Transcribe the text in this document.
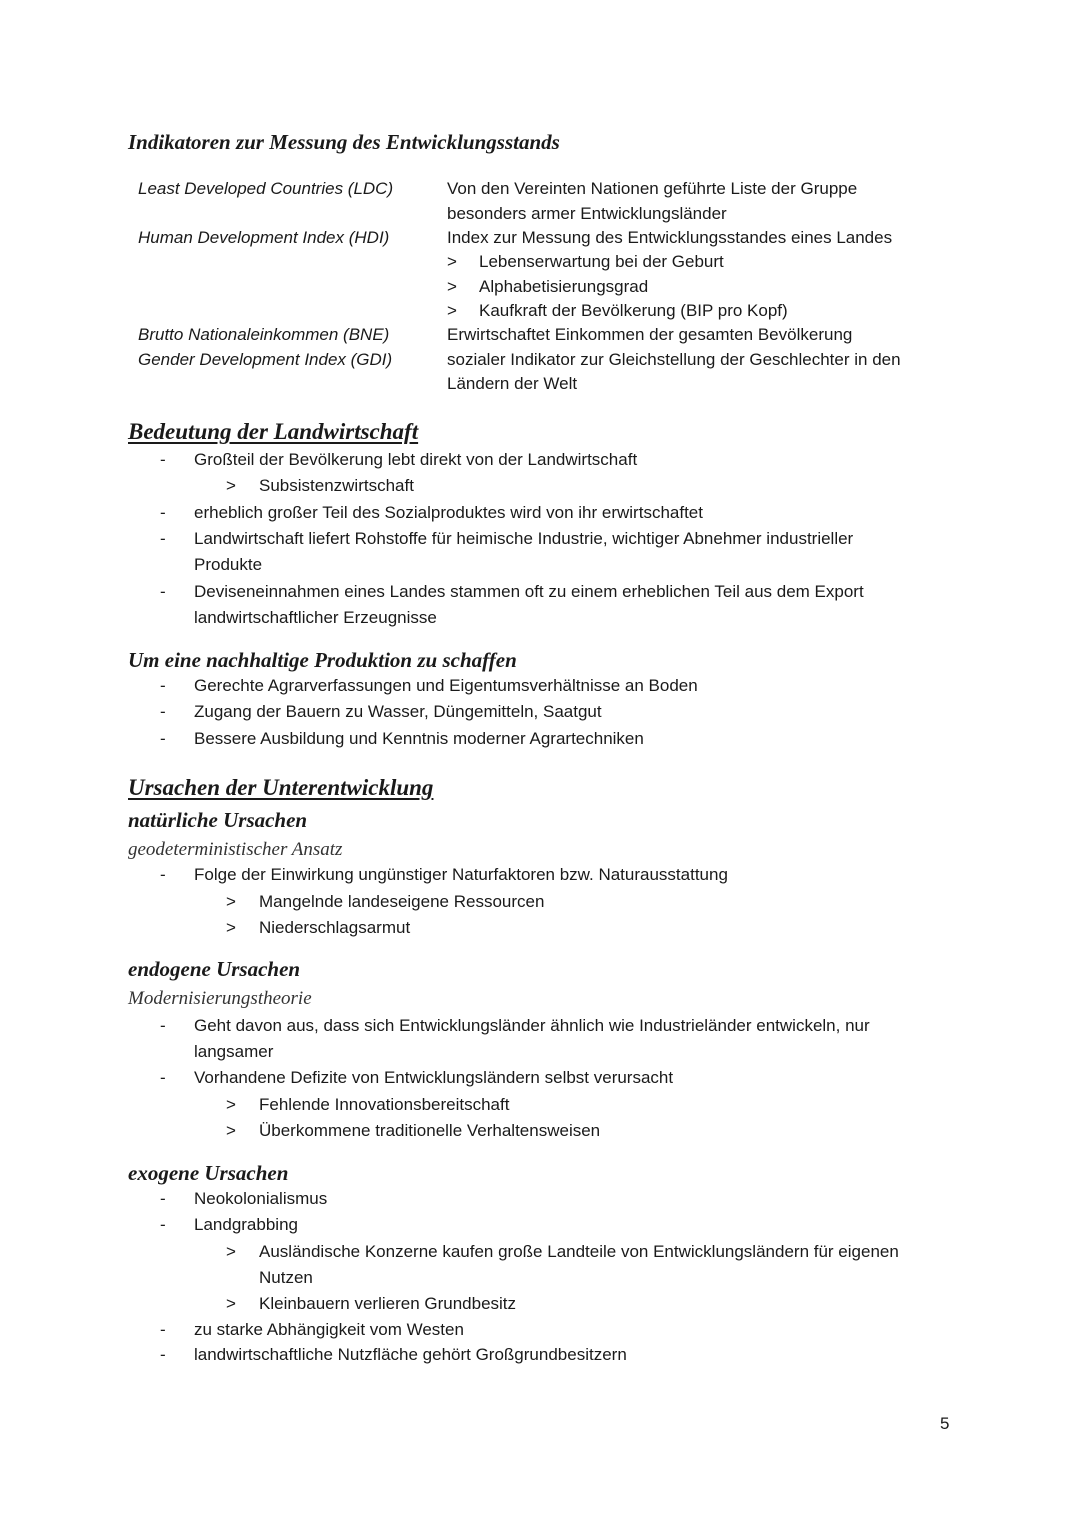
Indikatoren zur Messung des Entwicklungsstands
Least Developed Countries (LDC)	Von den Vereinten Nationen geführte Liste der Gruppe
besonders armer Entwicklungsländer
Human Development Index (HDI)	Index zur Messung des Entwicklungsstandes eines Landes
> Lebenserwartung bei der Geburt
> Alphabetisierungsgrad
> Kaufkraft der Bevölkerung (BIP pro Kopf)
Brutto Nationaleinkommen (BNE)	Erwirtschaftet Einkommen der gesamten Bevölkerung
Gender Development Index (GDI)	sozialer Indikator zur Gleichstellung der Geschlechter in den
Ländern der Welt
Bedeutung der Landwirtschaft
- Großteil der Bevölkerung lebt direkt von der Landwirtschaft
> Subsistenzwirtschaft
- erheblich großer Teil des Sozialproduktes wird von ihr erwirtschaftet
- Landwirtschaft liefert Rohstoffe für heimische Industrie, wichtiger Abnehmer industrieller
Produkte
- Deviseneinnahmen eines Landes stammen oft zu einem erheblichen Teil aus dem Export
landwirtschaftlicher Erzeugnisse
Um eine nachhaltige Produktion zu schaffen
- Gerechte Agrarverfassungen und Eigentumsverhältnisse an Boden
- Zugang der Bauern zu Wasser, Düngemitteln, Saatgut
- Bessere Ausbildung und Kenntnis moderner Agrartechniken
Ursachen der Unterentwicklung
natürliche Ursachen
geodeterministischer Ansatz
- Folge der Einwirkung ungünstiger Naturfaktoren bzw. Naturausstattung
> Mangelnde landeseigene Ressourcen
> Niederschlagsarmut
endogene Ursachen
Modernisierungstheorie
- Geht davon aus, dass sich Entwicklungsländer ähnlich wie Industrieländer entwickeln, nur
langsamer
- Vorhandene Defizite von Entwicklungsländern selbst verursacht
> Fehlende Innovationsbereitschaft
> Überkommene traditionelle Verhaltensweisen
exogene Ursachen
- Neokolonialismus
- Landgrabbing
> Ausländische Konzerne kaufen große Landteile von Entwicklungsländern für eigenen
Nutzen
> Kleinbauern verlieren Grundbesitz
- zu starke Abhängigkeit vom Westen
- landwirtschaftliche Nutzfläche gehört Großgrundbesitzern
5
